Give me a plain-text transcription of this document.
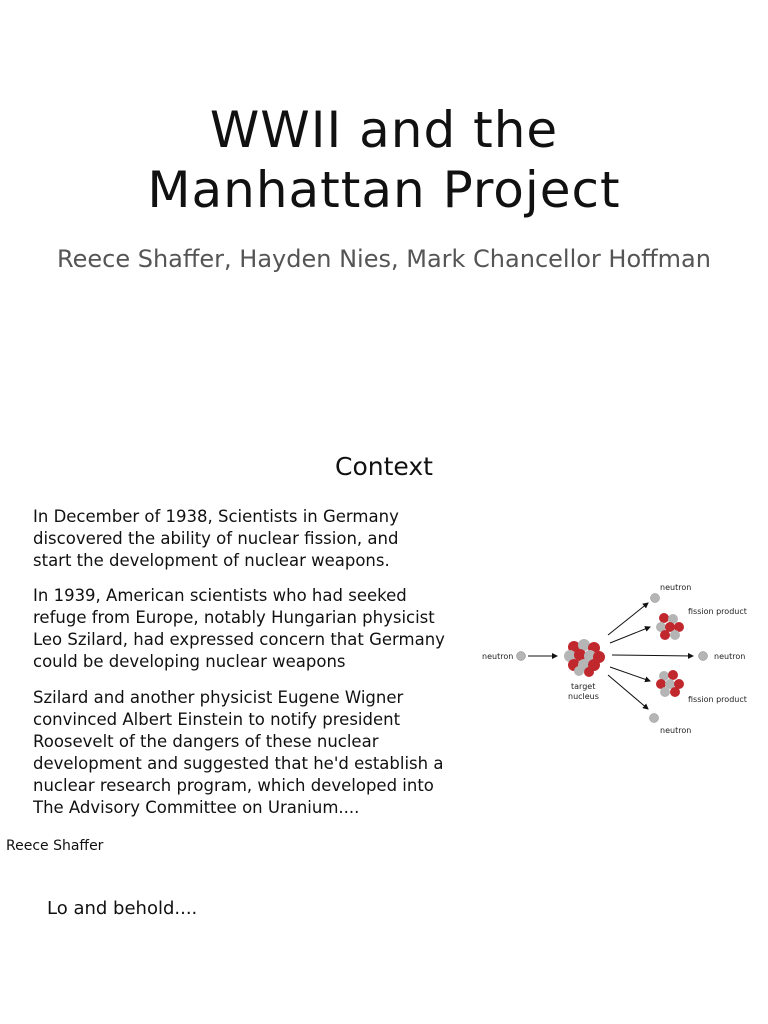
WWII and the
Manhattan Project
Reece Shaffer, Hayden Nies, Mark Chancellor Hoffman
Context
In December of 1938, Scientists in Germany
discovered the ability of nuclear fission, and
start the development of nuclear weapons.
In 1939, American scientists who had seeked
refuge from Europe, notably Hungarian physicist
Leo Szilard, had expressed concern that Germany
could be developing nuclear weapons
Szilard and another physicist Eugene Wigner
convinced Albert Einstein to notify president
Roosevelt of the dangers of these nuclear
development and suggested that he'd establish a
nuclear research program, which developed into
The Advisory Committee on Uranium....
neutron
target
nucleus
neutron
fission product
neutron
fission product
neutron
Reece Shaffer
Lo and behold....
